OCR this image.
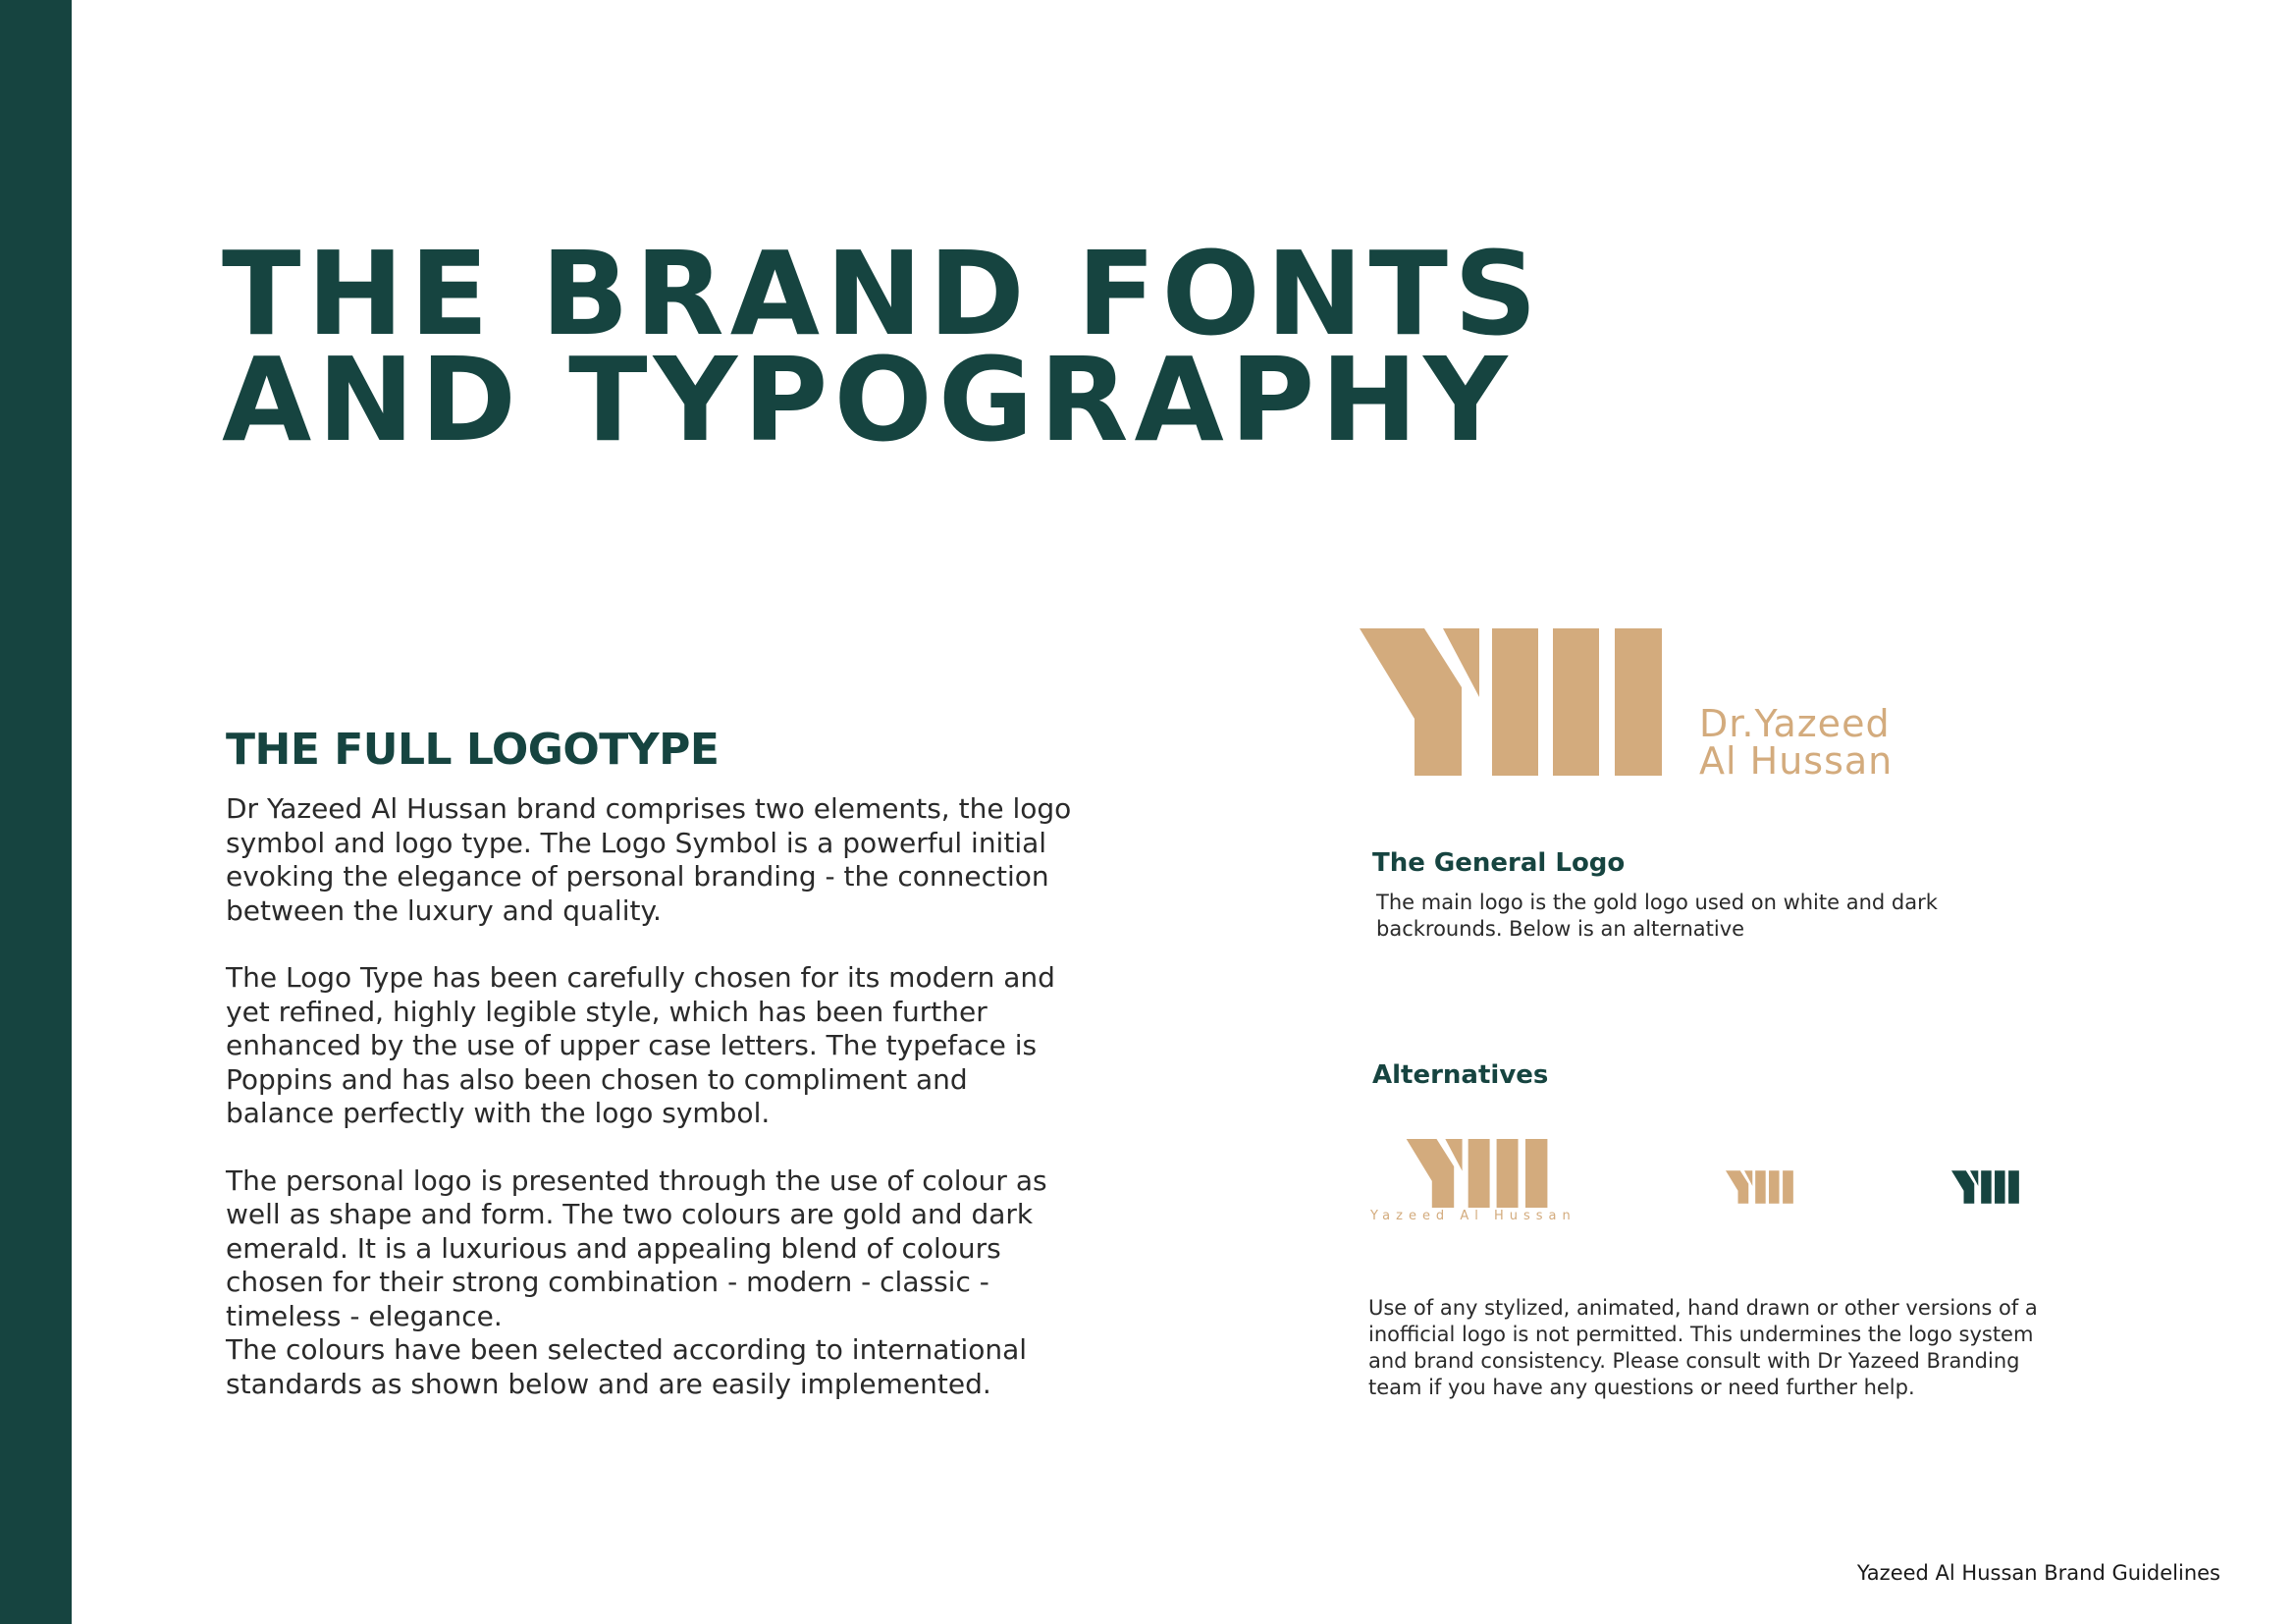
THE BRAND FONTS
AND TYPOGRAPHY
THE FULL LOGOTYPE

Dr Yazeed Al Hussan brand comprises two elements, the logo
symbol and logo type. The Logo Symbol is a powerful initial
evoking the elegance of personal branding - the connection
between the luxury and quality.

The Logo Type has been carefully chosen for its modern and
yet refined, highly legible style, which has been further
enhanced by the use of upper case letters. The typeface is
Poppins and has also been chosen to compliment and
balance perfectly with the logo symbol.

The personal logo is presented through the use of colour as
well as shape and form. The two colours are gold and dark
emerald. It is a luxurious and appealing blend of colours
chosen for their strong combination - modern - classic -
timeless - elegance.

The colours have been selected according to international
standards as shown below and are easily implemented.

Dr.Yazeed
Al Hussan
The General Logo

The main logo is the gold logo used on white and dark
backrounds. Below is an alternative

Alternatives
Yazeed Al Hussan

Use of any stylized, animated, hand drawn or other versions of a
inofficial logo is not permitted. This undermines the logo system
and brand consistency. Please consult with Dr Yazeed Branding
team if you have any questions or need further help.

Yazeed Al Hussan Brand Guidelines
